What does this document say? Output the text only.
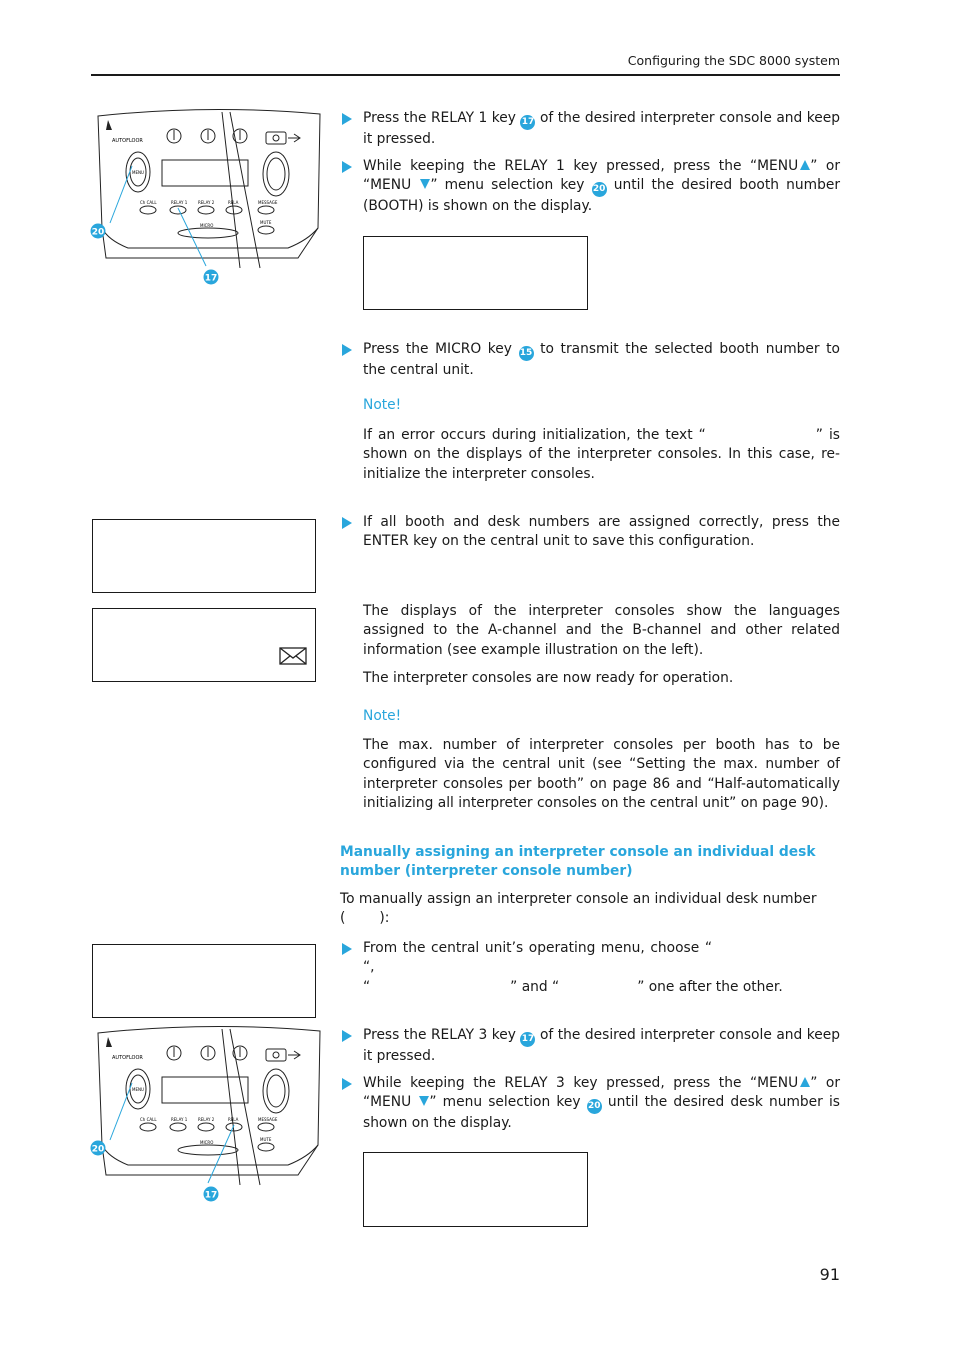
Configuring the SDC 8000 system
AUTOFLOOR
MENU
Ch CALL	RELAY 1	RELAY 2	RELA	MESSAGE
MUTE
MICRO
20
17
Press the RELAY 1 key 17 of the desired interpreter console and keep it pressed.
While keeping the RELAY 1 key pressed, press the “MENU ” or “MENU ” menu selection key 20 until the desired booth number (BOOTH) is shown on the display.
Press the MICRO key 15 to transmit the selected booth number to the central unit.
Note!
If an error occurs during initialization, the text “	” is shown on the displays of the interpreter consoles. In this case, re-initialize the interpreter consoles.
If all booth and desk numbers are assigned correctly, press the ENTER key on the central unit to save this configuration.
The displays of the interpreter consoles show the languages assigned to the A-channel and the B-channel and other related information (see example illustration on the left).
The interpreter consoles are now ready for operation.
Note!
The max. number of interpreter consoles per booth has to be configured via the central unit (see “Setting the max. number of interpreter consoles per booth” on page 86 and “Half-automatically initializing all interpreter consoles on the central unit” on page 90).
Manually assigning an interpreter console an individual desk number (interpreter console number)
To manually assign an interpreter console an individual desk number
( ):
From the central unit’s operating menu, choose ““,
“	” and “	” one after the other.
AUTOFLOOR
MENU
Ch CALL	RELAY 1	RELAY 2	RELA	MESSAGE
MUTE
MICRO
20
17
Press the RELAY 3 key 17 of the desired interpreter console and keep it pressed.
While keeping the RELAY 3 key pressed, press the “MENU ” or “MENU ” menu selection key 20 until the desired desk number is shown on the display.
91
